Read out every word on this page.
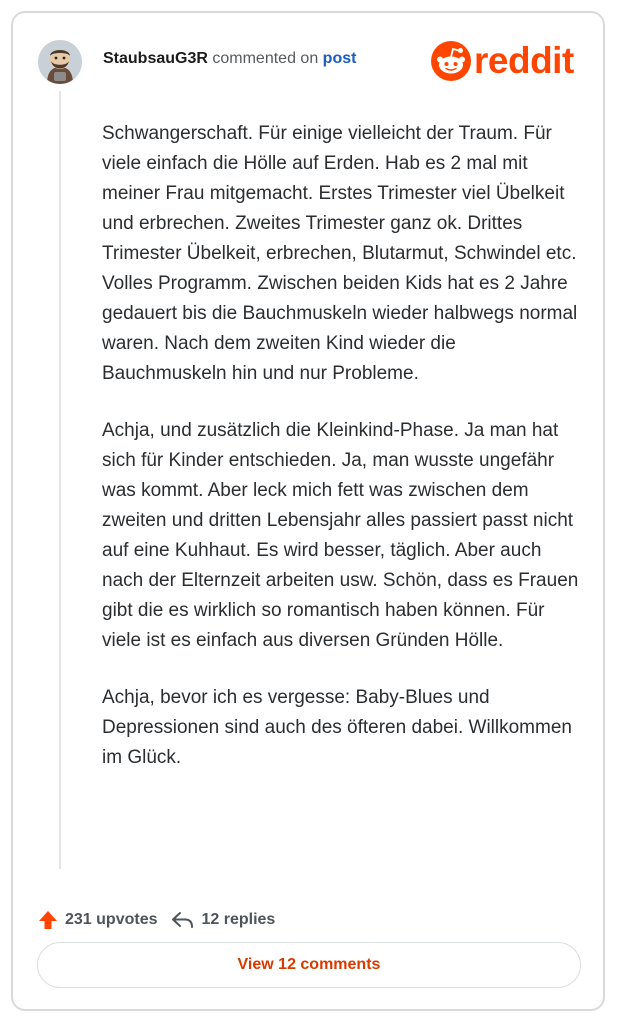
StaubsauG3R commented on post	reddit

Schwangerschaft. Für einige vielleicht der Traum. Für viele einfach die Hölle auf Erden. Hab es 2 mal mit meiner Frau mitgemacht. Erstes Trimester viel Übelkeit und erbrechen. Zweites Trimester ganz ok. Drittes Trimester Übelkeit, erbrechen, Blutarmut, Schwindel etc. Volles Programm. Zwischen beiden Kids hat es 2 Jahre gedauert bis die Bauchmuskeln wieder halbwegs normal waren. Nach dem zweiten Kind wieder die Bauchmuskeln hin und nur Probleme.

Achja, und zusätzlich die Kleinkind-Phase. Ja man hat sich für Kinder entschieden. Ja, man wusste ungefähr was kommt. Aber leck mich fett was zwischen dem zweiten und dritten Lebensjahr alles passiert passt nicht auf eine Kuhhaut. Es wird besser, täglich. Aber auch nach der Elternzeit arbeiten usw. Schön, dass es Frauen gibt die es wirklich so romantisch haben können. Für viele ist es einfach aus diversen Gründen Hölle.

Achja, bevor ich es vergesse: Baby-Blues und Depressionen sind auch des öfteren dabei. Willkommen im Glück.

231 upvotes	12 replies
View 12 comments
